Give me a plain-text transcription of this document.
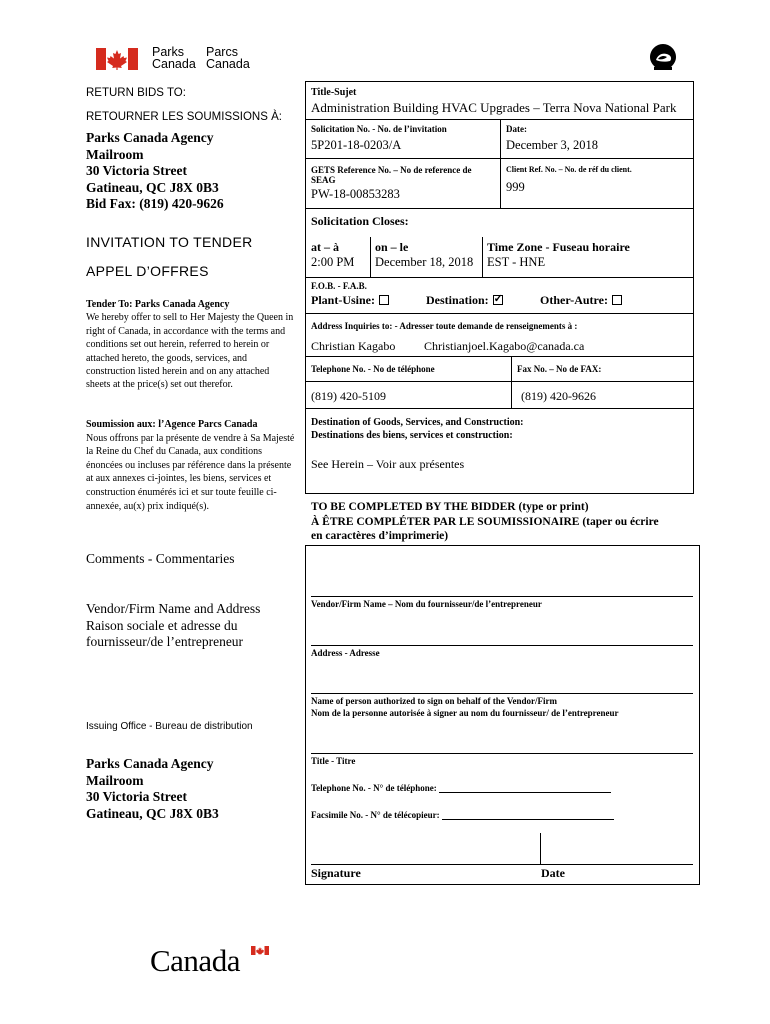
Parks
Canada
Parcs
Canada
RETURN BIDS TO:
RETOURNER LES SOUMISSIONS À:
Parks Canada Agency
Mailroom
30 Victoria Street
Gatineau, QC J8X 0B3
Bid Fax: (819) 420-9626
INVITATION TO TENDER
APPEL D’OFFRES
Tender To: Parks Canada Agency
We hereby offer to sell to Her Majesty the Queen in right of Canada, in accordance with the terms and conditions set out herein, referred to herein or attached hereto, the goods, services, and construction listed herein and on any attached sheets at the price(s) set out therefor.
Soumission aux: l’Agence Parcs Canada
Nous offrons par la présente de vendre à Sa Majesté la Reine du Chef du Canada, aux conditions énoncées ou incluses par référence dans la présente at aux annexes ci-jointes, les biens, services et construction énumérés ici et sur toute feuille ci-annexée, au(x) prix indiqué(s).
Comments - Commentaries
Vendor/Firm Name and Address
Raison sociale et adresse du
fournisseur/de l’entrepreneur
Issuing Office - Bureau de distribution
Parks Canada Agency
Mailroom
30 Victoria Street
Gatineau, QC J8X 0B3
Title-Sujet
Administration Building HVAC Upgrades – Terra Nova National Park
Solicitation No. - No. de l’invitation
5P201-18-0203/A
Date:
December 3, 2018
GETS Reference No. – No de reference de SEAG
PW-18-00853283
Client Ref. No. – No. de réf du client.
999
Solicitation Closes:
at – à
2:00 PM
on – le
December 18, 2018
Time Zone - Fuseau horaire
EST - HNE
F.O.B. - F.A.B.
Plant-Usine:	Destination:✓	Other-Autre:
Address Inquiries to: - Adresser toute demande de renseignements à :
Christian Kagabo Christianjoel.Kagabo@canada.ca
Telephone No. - No de téléphone	Fax No. – No de FAX:
(819) 420-5109	(819) 420-9626
Destination of Goods, Services, and Construction:
Destinations des biens, services et construction:
See Herein – Voir aux présentes
TO BE COMPLETED BY THE BIDDER (type or print)
À ÊTRE COMPLÉTER PAR LE SOUMISSIONAIRE (taper ou écrire
en caractères d’imprimerie)
Vendor/Firm Name – Nom du fournisseur/de l’entrepreneur
Address - Adresse
Name of person authorized to sign on behalf of the Vendor/Firm
Nom de la personne autorisée à signer au nom du fournisseur/ de l’entrepreneur
Title - Titre
Telephone No. - N° de téléphone:
Facsimile No. - N° de télécopieur:
Signature	Date
Canada
